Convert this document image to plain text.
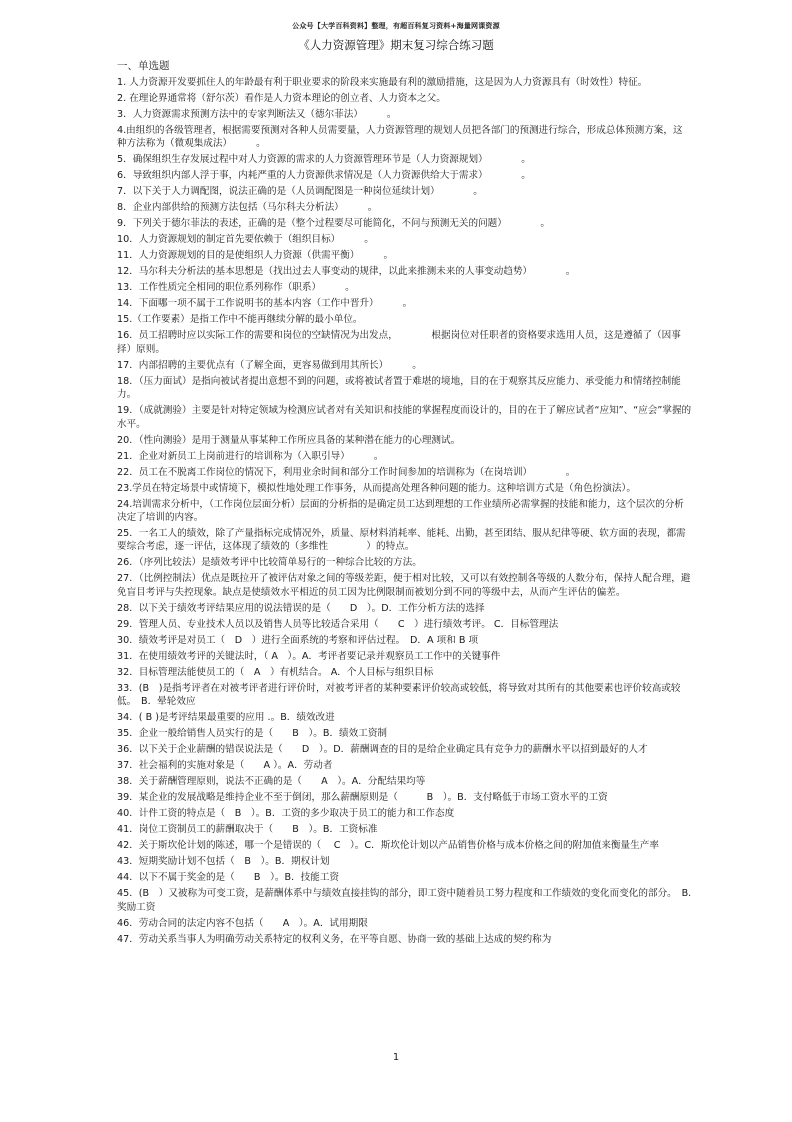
公众号【大学百科资料】整理，有超百科复习资料+海量网课资源
《人力资源管理》期末复习综合练习题
一、单选题
1. 人力资源开发要抓住人的年龄最有利于职业要求的阶段来实施最有利的激励措施，这是因为人力资源具有（时效性）特征。
2. 在理论界通常将（舒尔茨）看作是人力资本理论的创立者、人力资本之父。
3．人力资源需求预测方法中的专家判断法又（德尔菲法）　　　。
4.由组织的各级管理者，根据需要预测对各种人员需要量，人力资源管理的规划人员把各部门的预测进行综合，形成总体预测方案，这种方法称为（微观集成法）　　　。
5．确保组织生存发展过程中对人力资源的需求的人力资源管理环节是（人力资源规划）　　　　。
6．导致组织内部人浮于事，内耗严重的人力资源供求情况是（人力资源供给大于需求）　　　　。
7．以下关于人力调配图，说法正确的是（人员调配图是一种岗位延续计划）　　　　。
8．企业内部供给的预测方法包括（马尔科夫分析法）　　　。
9．下列关于德尔菲法的表述，正确的是（整个过程要尽可能简化，不问与预测无关的问题）　　　　。
10．人力资源规划的制定首先要依赖于（组织目标）　　　。
11．人力资源规划的目的是使组织人力资源（供需平衡）　　　。
12．马尔科夫分析法的基本思想是（找出过去人事变动的规律，以此来推测未来的人事变动趋势）　　　　。
13．工作性质完全相同的职位系列称作（职系）　　　。
14．下面哪一项不属于工作说明书的基本内容（工作中晋升）　　　。
15.（工作要素）是指工作中不能再继续分解的最小单位。
16．员工招聘时应以实际工作的需要和岗位的空缺情况为出发点，　　　　根据岗位对任职者的资格要求选用人员，这是遵循了（因事择）原则。
17．内部招聘的主要优点有（了解全面，更容易做到用其所长）　　　。
18．（压力面试）是指向被试者提出意想不到的问题，或将被试者置于难堪的境地，目的在于观察其反应能力、承受能力和情绪控制能力。
19．（成就测验）主要是针对特定领域为检测应试者对有关知识和技能的掌握程度而设计的，目的在于了解应试者“应知”、“应会”掌握的水平。
20．（性向测验）是用于测量从事某种工作所应具备的某种潜在能力的心理测试。
21．企业对新员工上岗前进行的培训称为（入职引导）　　　。
22．员工在不脱离工作岗位的情况下，利用业余时间和部分工作时间参加的培训称为（在岗培训）　　　　。
23.学员在特定场景中或情境下，模拟性地处理工作事务，从而提高处理各种问题的能力。这种培训方式是（角色扮演法）。
24.培训需求分析中，（工作岗位层面分析）层面的分析指的是确定员工达到理想的工作业绩所必需掌握的技能和能力，这个层次的分析决定了培训的内容。
25．一名工人的绩效，除了产量指标完成情况外，质量、原材料消耗率、能耗、出勤，甚至团结、服从纪律等硬、软方面的表现，都需要综合考虑，逐一评估，这体现了绩效的（多维性　　　　）的特点。
26．（序列比较法）是绩效考评中比较简单易行的一种综合比较的方法。
27．（比例控制法）优点是既拉开了被评估对象之间的等级差距，便于相对比较，又可以有效控制各等级的人数分布，保持人配合理，避免盲目考评与失控现象。缺点是使绩效水平相近的员工因为比例限制而被划分到不同的等级中去，从而产生评估的偏差。
28．以下关于绩效考评结果应用的说法错误的是（　　D　）。D．工作分析方法的选择
29．管理人员、专业技术人员以及销售人员等比较适合采用（　　C　）进行绩效考评。 C．目标管理法
30．绩效考评是对员工（　D　）进行全面系统的考察和评估过程。　D．A 项和 B 项
31．在使用绩效考评的关键法时，（ A　）。A．考评者要记录并观察员工工作中的关键事件
32．目标管理法能使员工的（　A　）有机结合。 A．个人目标与组织目标
33．(B　)是指考评者在对被考评者进行评价时，对被考评者的某种要素评价较高或较低，将导致对其所有的其他要素也评价较高或较低。　B．晕轮效应
34．( B )是考评结果最重要的应用 .。B．绩效改进
35．企业一般给销售人员实行的是（　　B　）。B．绩效工资制
36．以下关于企业薪酬的错误说法是（　　D　）。D．薪酬调查的目的是给企业确定具有竞争力的薪酬水平以招到最好的人才
37．社会福利的实施对象是（　　A ）。A．劳动者
38．关于薪酬管理原则，说法不正确的是（　　A　）。A．分配结果均等
39．某企业的发展战略是维持企业不至于倒闭，那么薪酬原则是（　　　B　）。B．支付略低于市场工资水平的工资
40．计件工资的特点是（　B　）。B．工资的多少取决于员工的能力和工作态度
41．岗位工资制员工的薪酬取决于（　　B　）。B．工资标准
42．关于斯坎伦计划的陈述，哪一个是错误的（　 C　）。C．斯坎伦计划以产品销售价格与成本价格之间的附加值来衡量生产率
43．短期奖励计划不包括（　B　）。B．期权计划
44．以下不属于奖金的是（　　B　）。B．技能工资
45．(B　）又被称为可变工资，是薪酬体系中与绩效直接挂钩的部分，即工资中随着员工努力程度和工作绩效的变化而变化的部分。　B. 奖励工资
46．劳动合同的法定内容不包括（　　A　）。A．试用期限
47．劳动关系当事人为明确劳动关系特定的权利义务，在平等自愿、协商一致的基础上达成的契约称为
1
